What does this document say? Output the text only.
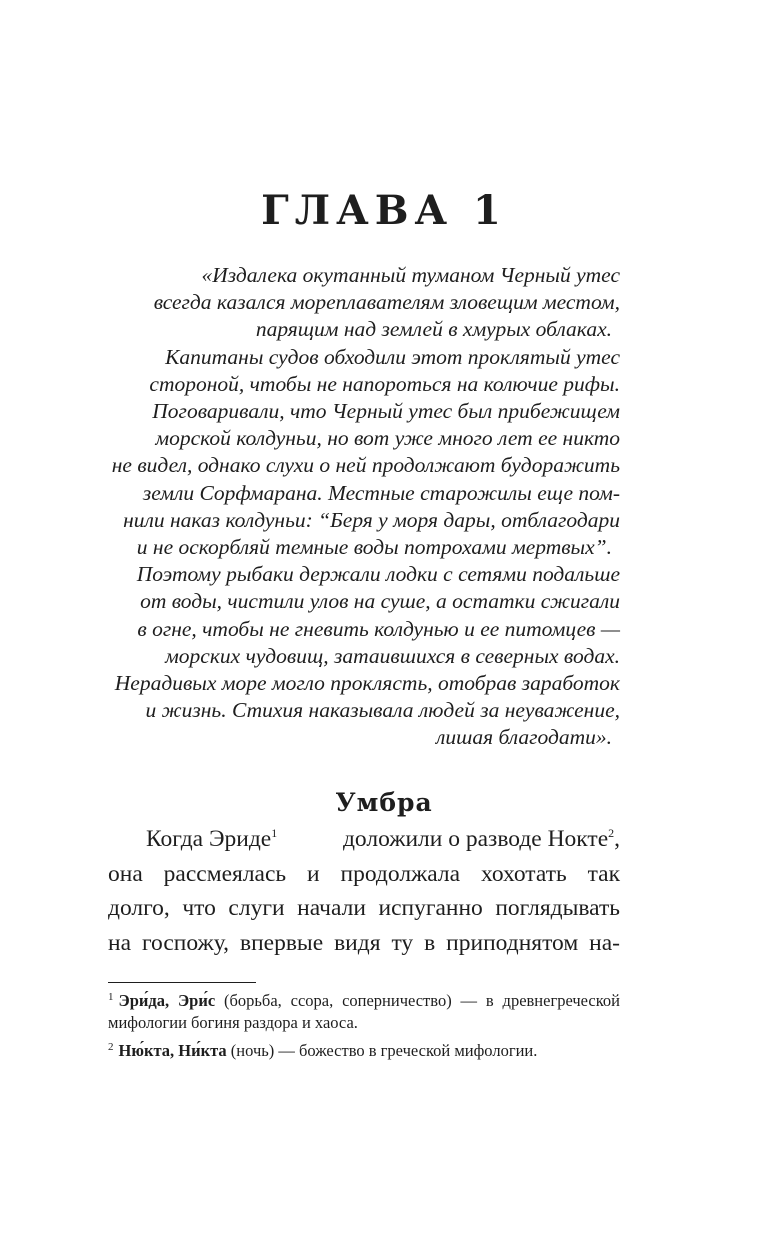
ГЛАВА 1
«Издалека окутанный туманом Черный утес
всегда казался мореплавателям зловещим местом,
парящим над землей в хмурых облаках.
Капитаны судов обходили этот проклятый утес
стороной, чтобы не напороться на колючие рифы.
Поговаривали, что Черный утес был прибежищем
морской колдуньи, но вот уже много лет ее никто
не видел, однако слухи о ней продолжают будоражить
земли Сорфмарана. Местные старожилы еще пом-
нили наказ колдуньи: “Беря у моря дары, отблагодари
и не оскорбляй темные воды потрохами мертвых”.
Поэтому рыбаки держали лодки с сетями подальше
от воды, чистили улов на суше, а остатки сжигали
в огне, чтобы не гневить колдунью и ее питомцев —
морских чудовищ, затаившихся в северных водах.
Нерадивых море могло проклясть, отобрав заработок
и жизнь. Стихия наказывала людей за неуважение,
лишая благодати».
Умбра
Когда Эриде$^1$	доложили о разводе Нокте$^2$,
она рассмеялась и продолжала хохотать так
долго, что слуги начали испуганно поглядывать
на госпожу, впервые видя ту в приподнятом на-
$^1$ Эри́да, Эри́с (борьба, ссора, соперничество) — в древнегреческой мифологии богиня раздора и хаоса.
$^2$ Ню́кта, Ни́кта (ночь) — божество в греческой мифологии.
